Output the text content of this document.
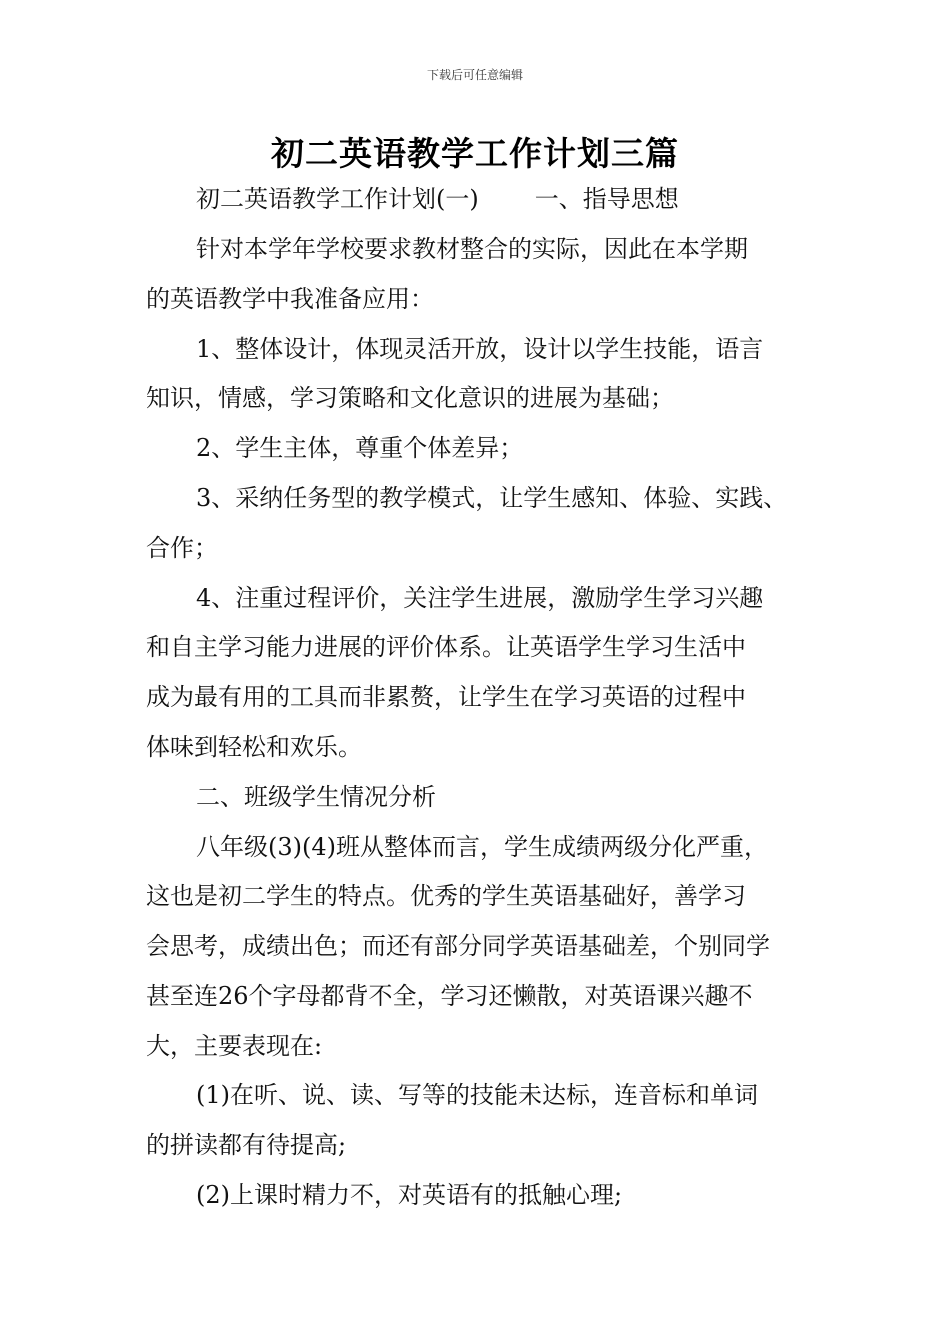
下载后可任意编辑
初二英语教学工作计划三篇
初二英语教学工作计划(一) 一、指导思想
针对本学年学校要求教材整合的实际，因此在本学期
的英语教学中我准备应用：
1、整体设计，体现灵活开放，设计以学生技能，语言
知识，情感，学习策略和文化意识的进展为基础；
2、学生主体，尊重个体差异；
3、采纳任务型的教学模式，让学生感知、体验、实践、
合作；
4、注重过程评价，关注学生进展，激励学生学习兴趣
和自主学习能力进展的评价体系。让英语学生学习生活中
成为最有用的工具而非累赘，让学生在学习英语的过程中
体味到轻松和欢乐。
二、班级学生情况分析
八年级(3)(4)班从整体而言，学生成绩两级分化严重，
这也是初二学生的特点。优秀的学生英语基础好，善学习
会思考，成绩出色；而还有部分同学英语基础差，个别同学
甚至连26个字母都背不全，学习还懒散，对英语课兴趣不
大，主要表现在:
(1)在听、说、读、写等的技能未达标，连音标和单词
的拼读都有待提高;
(2)上课时精力不，对英语有的抵触心理;
